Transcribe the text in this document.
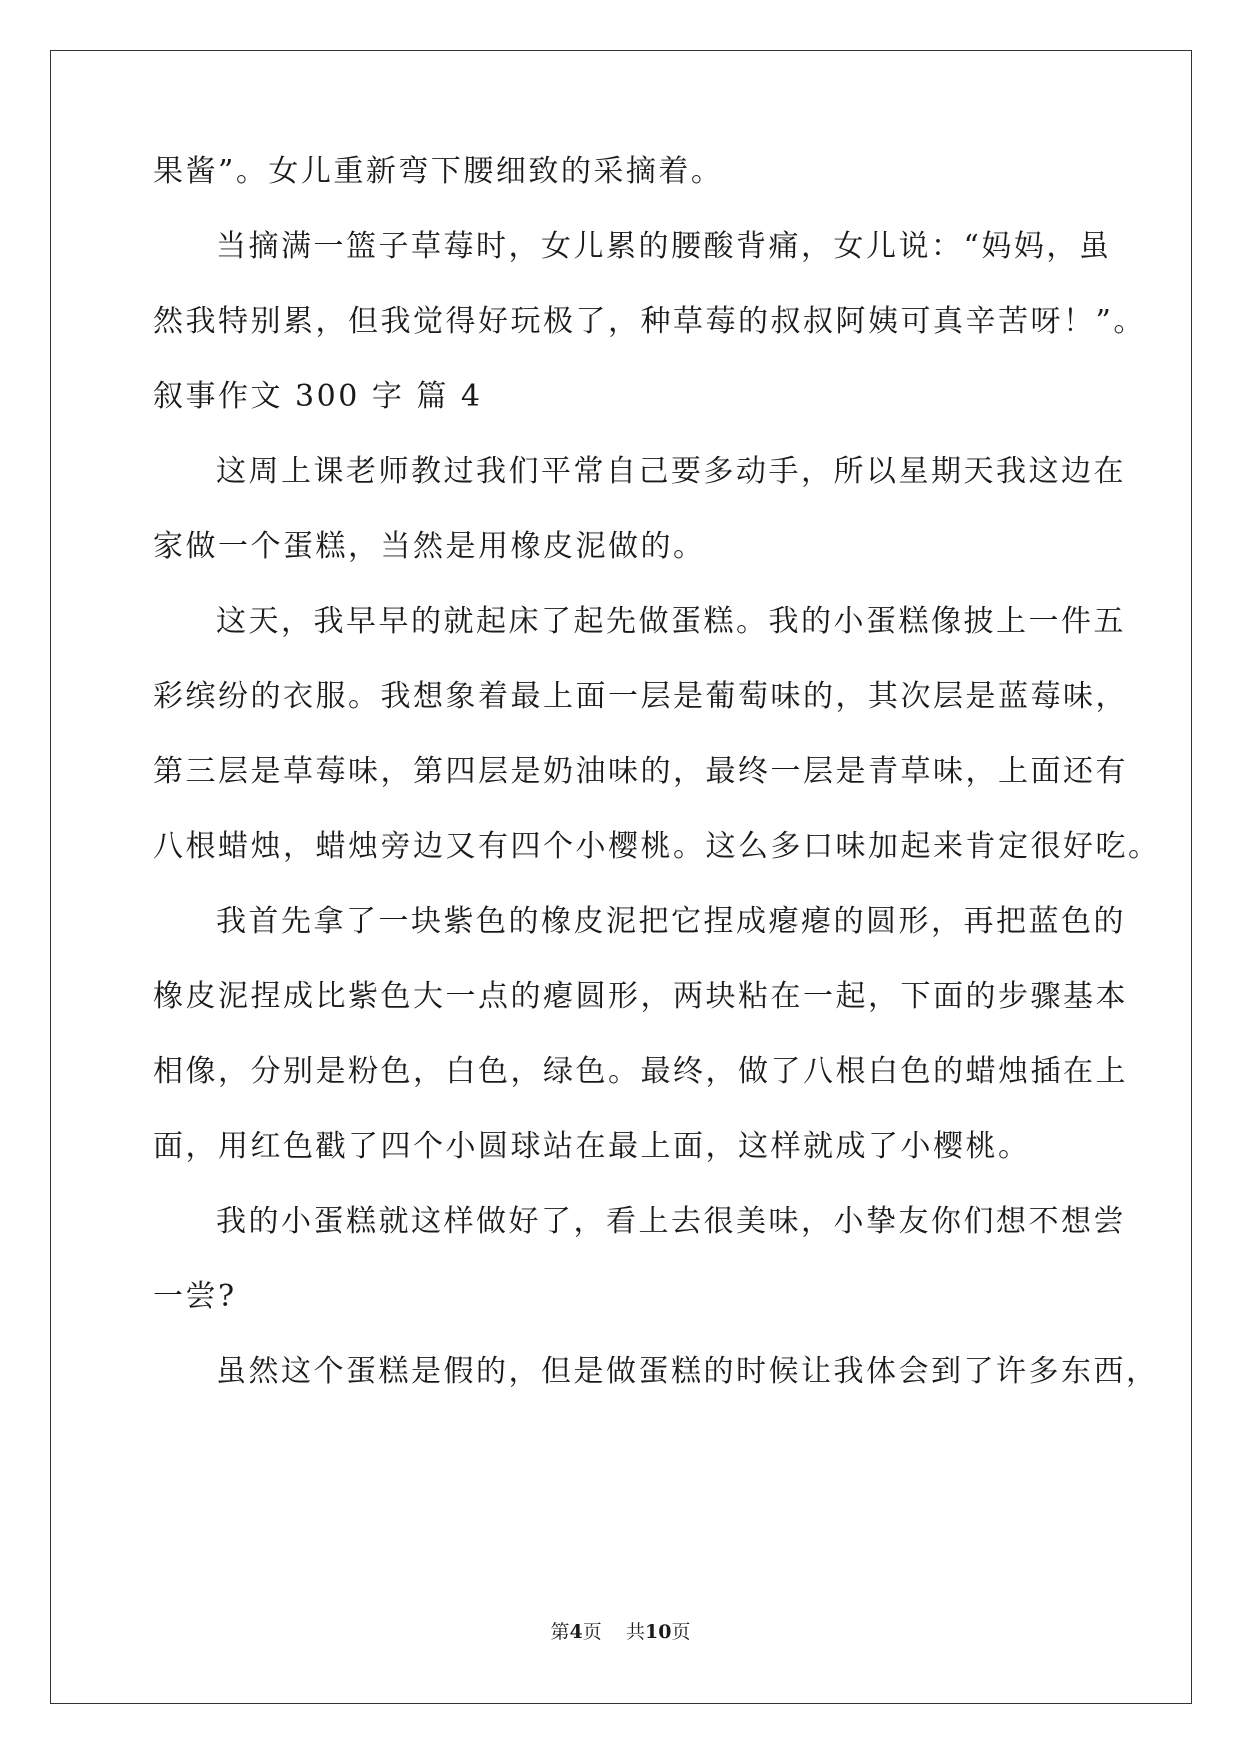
果酱”。女儿重新弯下腰细致的采摘着。
当摘满一篮子草莓时，女儿累的腰酸背痛，女儿说：“妈妈，虽
然我特别累，但我觉得好玩极了，种草莓的叔叔阿姨可真辛苦呀！”。
叙事作文 300 字 篇 4
这周上课老师教过我们平常自己要多动手，所以星期天我这边在
家做一个蛋糕，当然是用橡皮泥做的。
这天，我早早的就起床了起先做蛋糕。我的小蛋糕像披上一件五
彩缤纷的衣服。我想象着最上面一层是葡萄味的，其次层是蓝莓味，
第三层是草莓味，第四层是奶油味的，最终一层是青草味，上面还有
八根蜡烛，蜡烛旁边又有四个小樱桃。这么多口味加起来肯定很好吃。
我首先拿了一块紫色的橡皮泥把它捏成瘪瘪的圆形，再把蓝色的
橡皮泥捏成比紫色大一点的瘪圆形，两块粘在一起，下面的步骤基本
相像，分别是粉色，白色，绿色。最终，做了八根白色的蜡烛插在上
面，用红色戳了四个小圆球站在最上面，这样就成了小樱桃。
我的小蛋糕就这样做好了，看上去很美味，小挚友你们想不想尝
一尝?
虽然这个蛋糕是假的，但是做蛋糕的时候让我体会到了许多东西，
第4页 共10页
